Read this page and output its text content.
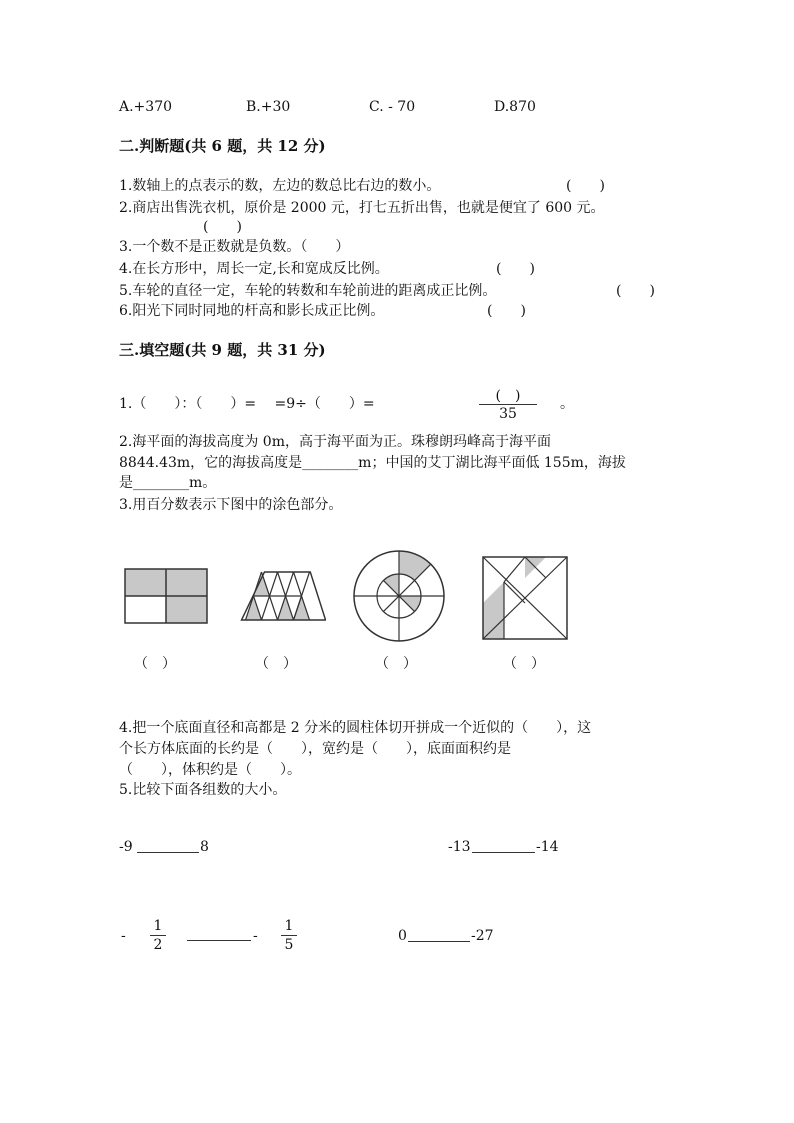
A.+370	B.+30	C. - 70	D.870
二.判断题(共 6 题，共 12 分)
1.数轴上的点表示的数，左边的数总比右边的数小。	(　　)
2.商店出售洗衣机，原价是 2000 元，打七五折出售，也就是便宜了 600 元。
(　　)
3.一个数不是正数就是负数。（　　）
4.在长方形中，周长一定,长和宽成反比例。	(　　)
5.车轮的直径一定，车轮的转数和车轮前进的距离成正比例。	(　　)
6.阳光下同时同地的杆高和影长成正比例。	(　　)
三.填空题(共 9 题，共 31 分)
1.（　　）：（　　）=　 =9÷（　　）=	(　)
35
。
2.海平面的海拔高度为 0m，高于海平面为正。珠穆朗玛峰高于海平面
8844.43m，它的海拔高度是________m；中国的艾丁湖比海平面低 155m，海拔
是________m。
3.用百分数表示下图中的涂色部分。
（　）	（　）	（　）	（　）
4.把一个底面直径和高都是 2 分米的圆柱体切开拼成一个近似的（　　），这
个长方体底面的长约是（　　），宽约是（　　），底面面积约是
（　　），体积约是（　　）。
5.比较下面各组数的大小。
-9	8	-13	-14
-
1
2
-
1
5
0	-27
